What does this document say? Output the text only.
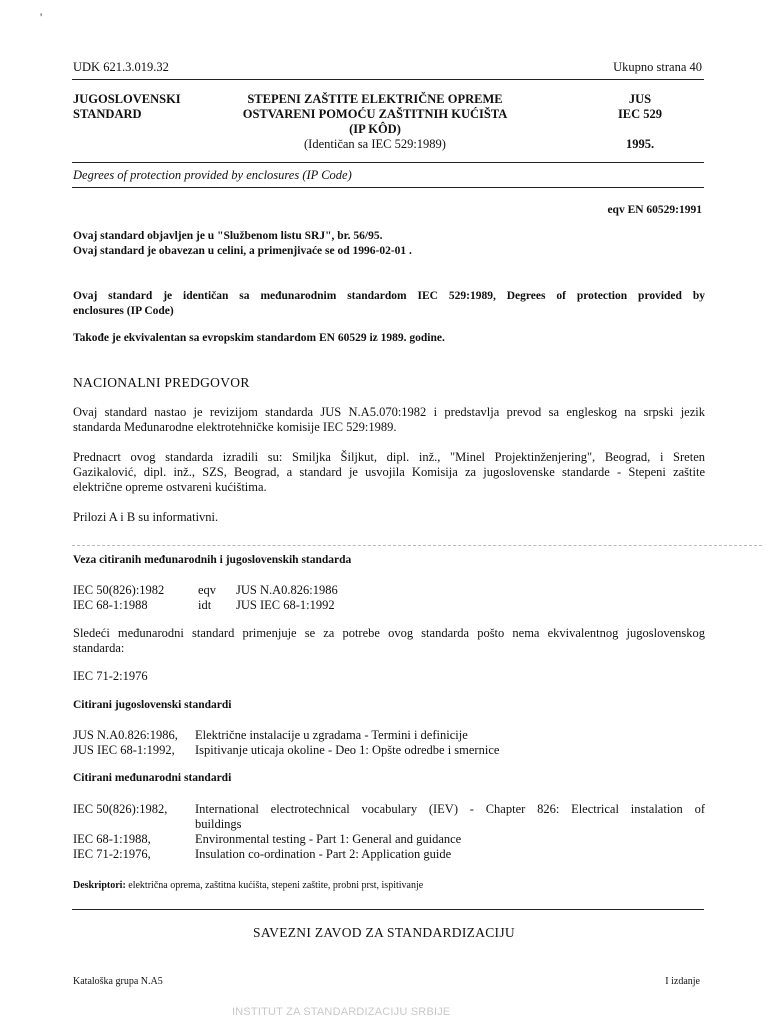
'
UDK 621.3.019.32	Ukupno strana 40
JUGOSLOVENSKI
STANDARD
STEPENI ZAŠTITE ELEKTRIČNE OPREME
OSTVARENI POMOĆU ZAŠTITNIH KUĆIŠTA
(IP KÔD)
(Identičan sa IEC 529:1989)
JUS
IEC 529
1995.
Degrees of protection provided by enclosures (IP Code)
eqv EN 60529:1991
Ovaj standard objavljen je u "Službenom listu SRJ", br. 56/95.
Ovaj standard je obavezan u celini, a primenjivaće se od 1996-02-01 .
Ovaj standard je identičan sa međunarodnim standardom IEC 529:1989, Degrees of protection provided by
enclosures (IP Code)
Takođe je ekvivalentan sa evropskim standardom EN 60529 iz 1989. godine.
NACIONALNI PREDGOVOR
Ovaj standard nastao je revizijom standarda JUS N.A5.070:1982 i predstavlja prevod sa engleskog na srpski jezik
standarda Međunarodne elektrotehničke komisije IEC 529:1989.
Prednacrt ovog standarda izradili su: Smiljka Šiljkut, dipl. inž., "Minel Projektinženjering", Beograd, i Sreten
Gazikalović, dipl. inž., SZS, Beograd, a standard je usvojila Komisija za jugoslovenske standarde - Stepeni zaštite
električne opreme ostvareni kućištima.
Prilozi A i B su informativni.
Veza citiranih međunarodnih i jugoslovenskih standarda
IEC 50(826):1982	eqv JUS N.A0.826:1986
IEC 68-1:1988	idt JUS IEC 68-1:1992
Sledeći međunarodni standard primenjuje se za potrebe ovog standarda pošto nema ekvivalentnog jugoslovenskog
standarda:
IEC 71-2:1976
Citirani jugoslovenski standardi
JUS N.A0.826:1986, Električne instalacije u zgradama - Termini i definicije
JUS IEC 68-1:1992, Ispitivanje uticaja okoline - Deo 1: Opšte odredbe i smernice
Citirani međunarodni standardi
IEC 50(826):1982, International electrotechnical vocabulary (IEV) - Chapter 826: Electrical instalation of
buildings
IEC 68-1:1988,	Environmental testing - Part 1: General and guidance
IEC 71-2:1976,	Insulation co-ordination - Part 2: Application guide
Deskriptori: električna oprema, zaštitna kućišta, stepeni zaštite, probni prst, ispitivanje
SAVEZNI ZAVOD ZA STANDARDIZACIJU
Kataloška grupa N.A5	I izdanje
INSTITUT ZA STANDARDIZACIJU SRBIJE
